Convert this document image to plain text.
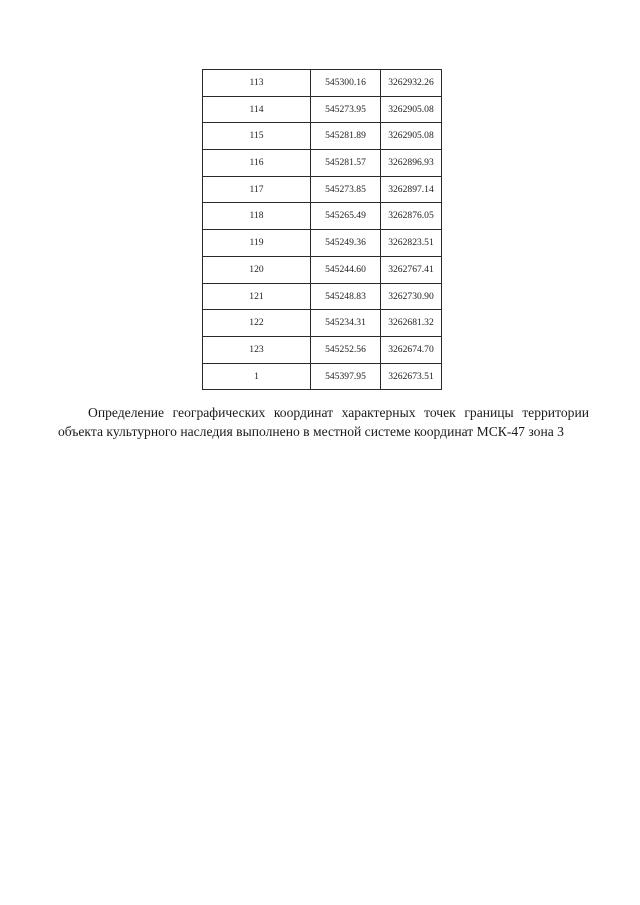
113	545300.16	3262932.26
114	545273.95	3262905.08
115	545281.89	3262905.08
116	545281.57	3262896.93
117	545273.85	3262897.14
118	545265.49	3262876.05
119	545249.36	3262823.51
120	545244.60	3262767.41
121	545248.83	3262730.90
122	545234.31	3262681.32
123	545252.56	3262674.70
1	545397.95	3262673.51

Определение географических координат характерных точек границы территории объекта культурного наследия выполнено в местной системе координат МСК-47 зона 3
